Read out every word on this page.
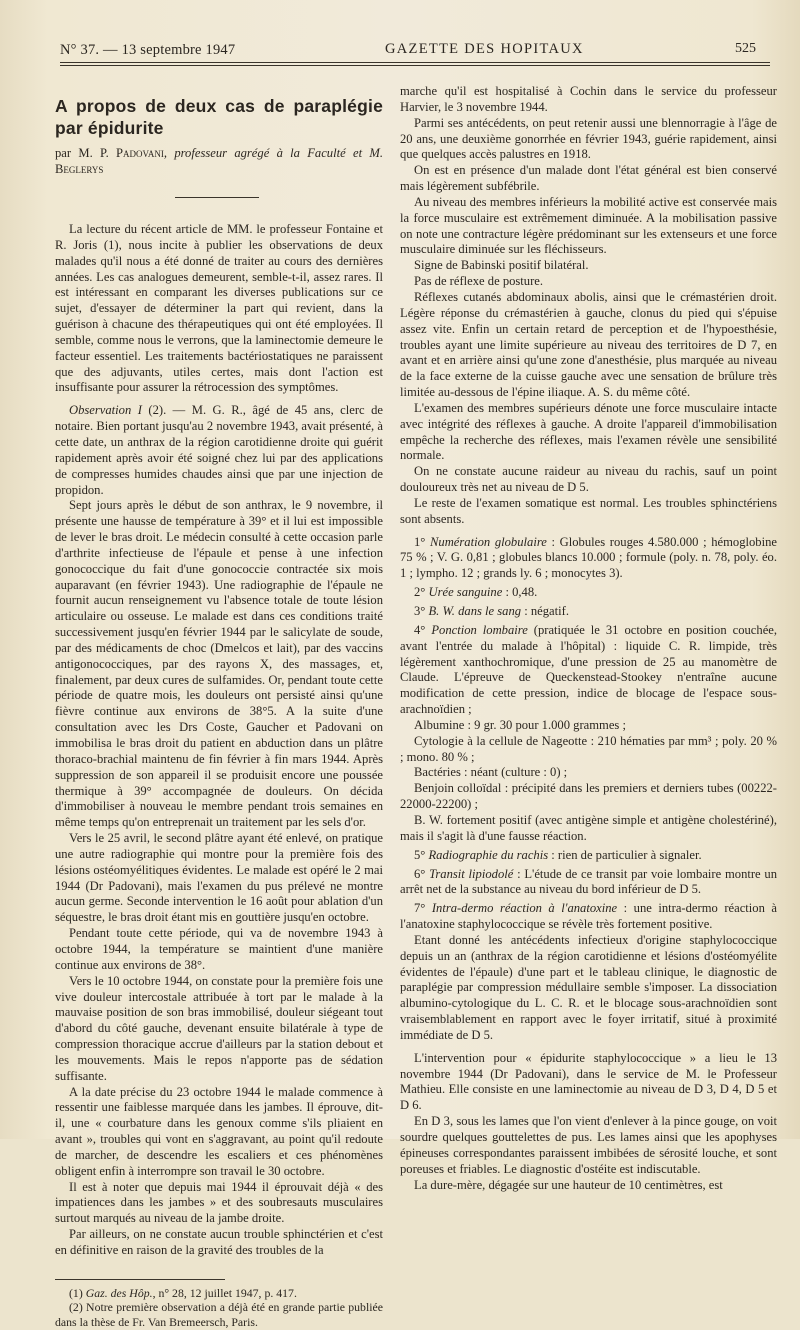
N° 37. — 13 septembre 1947	GAZETTE DES HOPITAUX	525
A propos de deux cas de paraplégie par épidurite
par M. P. Padovani, professeur agrégé à la Faculté et M. Beglerys

La lecture du récent article de MM. le professeur Fontaine et R. Joris (1), nous incite à publier les observations de deux malades qu'il nous a été donné de traiter au cours des dernières années. Les cas analogues demeurent, semble-t-il, assez rares. Il est intéressant en comparant les diverses publications sur ce sujet, d'essayer de déterminer la part qui revient, dans la guérison à chacune des thérapeutiques qui ont été employées. Il semble, comme nous le verrons, que la laminectomie demeure le facteur essentiel. Les traitements bactériostatiques ne paraissent que des adjuvants, utiles certes, mais dont l'action est insuffisante pour assurer la rétrocession des symptômes.

Observation I (2). — M. G. R., âgé de 45 ans, clerc de notaire. Bien portant jusqu'au 2 novembre 1943, avait présenté, à cette date, un anthrax de la région carotidienne droite qui guérit rapidement après avoir été soigné chez lui par des applications de compresses humides chaudes ainsi que par une injection de propidon.

Sept jours après le début de son anthrax, le 9 novembre, il présente une hausse de température à 39° et il lui est impossible de lever le bras droit. Le médecin consulté à cette occasion parle d'arthrite infectieuse de l'épaule et pense à une infection gonococcique du fait d'une gonococcie contractée six mois auparavant (en février 1943). Une radiographie de l'épaule ne fournit aucun renseignement vu l'absence totale de toute lésion articulaire ou osseuse. Le malade est dans ces conditions traité successivement jusqu'en février 1944 par le salicylate de soude, par des médicaments de choc (Dmelcos et lait), par des vaccins antigonococciques, par des rayons X, des massages, et, finalement, par deux cures de sulfamides. Or, pendant toute cette période de quatre mois, les douleurs ont persisté ainsi qu'une fièvre continue aux environs de 38°5. A la suite d'une consultation avec les Drs Coste, Gaucher et Padovani on immobilisa le bras droit du patient en abduction dans un plâtre thoraco-brachial maintenu de fin février à fin mars 1944. Après suppression de son appareil il se produisit encore une poussée thermique à 39° accompagnée de douleurs. On décida d'immobiliser à nouveau le membre pendant trois semaines en même temps qu'on entreprenait un traitement par les sels d'or.

Vers le 25 avril, le second plâtre ayant été enlevé, on pratique une autre radiographie qui montre pour la première fois des lésions ostéomyélitiques évidentes. Le malade est opéré le 2 mai 1944 (Dr Padovani), mais l'examen du pus prélevé ne montre aucun germe. Seconde intervention le 16 août pour ablation d'un séquestre, le bras droit étant mis en gouttière jusqu'en octobre.

Pendant toute cette période, qui va de novembre 1943 à octobre 1944, la température se maintient d'une manière continue aux environs de 38°.

Vers le 10 octobre 1944, on constate pour la première fois une vive douleur intercostale attribuée à tort par le malade à la mauvaise position de son bras immobilisé, douleur siégeant tout d'abord du côté gauche, devenant ensuite bilatérale à type de compression thoracique accrue d'ailleurs par la station debout et les mouvements. Mais le repos n'apporte pas de sédation suffisante.

A la date précise du 23 octobre 1944 le malade commence à ressentir une faiblesse marquée dans les jambes. Il éprouve, dit-il, une « courbature dans les genoux comme s'ils pliaient en avant », troubles qui vont en s'aggravant, au point qu'il redoute de marcher, de descendre les escaliers et ces phénomènes obligent enfin à interrompre son travail le 30 octobre.

Il est à noter que depuis mai 1944 il éprouvait déjà « des impatiences dans les jambes » et des soubresauts musculaires surtout marqués au niveau de la jambe droite.

Par ailleurs, on ne constate aucun trouble sphinctérien et c'est en définitive en raison de la gravité des troubles de la

(1) Gaz. des Hôp., n° 28, 12 juillet 1947, p. 417.

(2) Notre première observation a déjà été en grande partie publiée dans la thèse de Fr. Van Bremeersch, Paris.

marche qu'il est hospitalisé à Cochin dans le service du professeur Harvier, le 3 novembre 1944.

Parmi ses antécédents, on peut retenir aussi une blennorragie à l'âge de 20 ans, une deuxième gonorrhée en février 1943, guérie rapidement, ainsi que quelques accès palustres en 1918.

On est en présence d'un malade dont l'état général est bien conservé mais légèrement subfébrile.

Au niveau des membres inférieurs la mobilité active est conservée mais la force musculaire est extrêmement diminuée. A la mobilisation passive on note une contracture légère prédominant sur les extenseurs et une force musculaire diminuée sur les fléchisseurs.

Signe de Babinski positif bilatéral.

Pas de réflexe de posture.

Réflexes cutanés abdominaux abolis, ainsi que le crémastérien droit. Légère réponse du crémastérien à gauche, clonus du pied qui s'épuise assez vite. Enfin un certain retard de perception et de l'hypoesthésie, troubles ayant une limite supérieure au niveau des territoires de D 7, en avant et en arrière ainsi qu'une zone d'anesthésie, plus marquée au niveau de la face externe de la cuisse gauche avec une sensation de brûlure très limitée au-dessous de l'épine iliaque. A. S. du même côté.

L'examen des membres supérieurs dénote une force musculaire intacte avec intégrité des réflexes à gauche. A droite l'appareil d'immobilisation empêche la recherche des réflexes, mais l'examen révèle une sensibilité normale.

On ne constate aucune raideur au niveau du rachis, sauf un point douloureux très net au niveau de D 5.

Le reste de l'examen somatique est normal. Les troubles sphinctériens sont absents.

1° Numération globulaire : Globules rouges 4.580.000 ; hémoglobine 75 % ; V. G. 0,81 ; globules blancs 10.000 ; formule (poly. n. 78, poly. éo. 1 ; lympho. 12 ; grands ly. 6 ; monocytes 3).

2° Urée sanguine : 0,48.

3° B. W. dans le sang : négatif.

4° Ponction lombaire (pratiquée le 31 octobre en position couchée, avant l'entrée du malade à l'hôpital) : liquide C. R. limpide, très légèrement xanthochromique, d'une pression de 25 au manomètre de Claude. L'épreuve de Queckenstead-Stookey n'entraîne aucune modification de cette pression, indice de blocage de l'espace sous-arachnoïdien ;

Albumine : 9 gr. 30 pour 1.000 grammes ;

Cytologie à la cellule de Nageotte : 210 hématies par mm³ ; poly. 20 % ; mono. 80 % ;

Bactéries : néant (culture : 0) ;

Benjoin colloïdal : précipité dans les premiers et derniers tubes (00222-22000-22200) ;

B. W. fortement positif (avec antigène simple et antigène cholestériné), mais il s'agit là d'une fausse réaction.

5° Radiographie du rachis : rien de particulier à signaler.

6° Transit lipiodolé : L'étude de ce transit par voie lombaire montre un arrêt net de la substance au niveau du bord inférieur de D 5.

7° Intra-dermo réaction à l'anatoxine : une intra-dermo réaction à l'anatoxine staphylococcique se révèle très fortement positive.

Etant donné les antécédents infectieux d'origine staphylococcique depuis un an (anthrax de la région carotidienne et lésions d'ostéomyélite évidentes de l'épaule) d'une part et le tableau clinique, le diagnostic de paraplégie par compression médullaire semble s'imposer. La dissociation albumino-cytologique du L. C. R. et le blocage sous-arachnoïdien sont vraisemblablement en rapport avec le foyer irritatif, situé à proximité immédiate de D 5.

L'intervention pour « épidurite staphylococcique » a lieu le 13 novembre 1944 (Dr Padovani), dans le service de M. le Professeur Mathieu. Elle consiste en une laminectomie au niveau de D 3, D 4, D 5 et D 6.

En D 3, sous les lames que l'on vient d'enlever à la pince gouge, on voit sourdre quelques gouttelettes de pus. Les lames ainsi que les apophyses épineuses correspondantes paraissent imbibées de sérosité louche, et sont poreuses et friables. Le diagnostic d'ostéite est indiscutable.

La dure-mère, dégagée sur une hauteur de 10 centimètres, est
